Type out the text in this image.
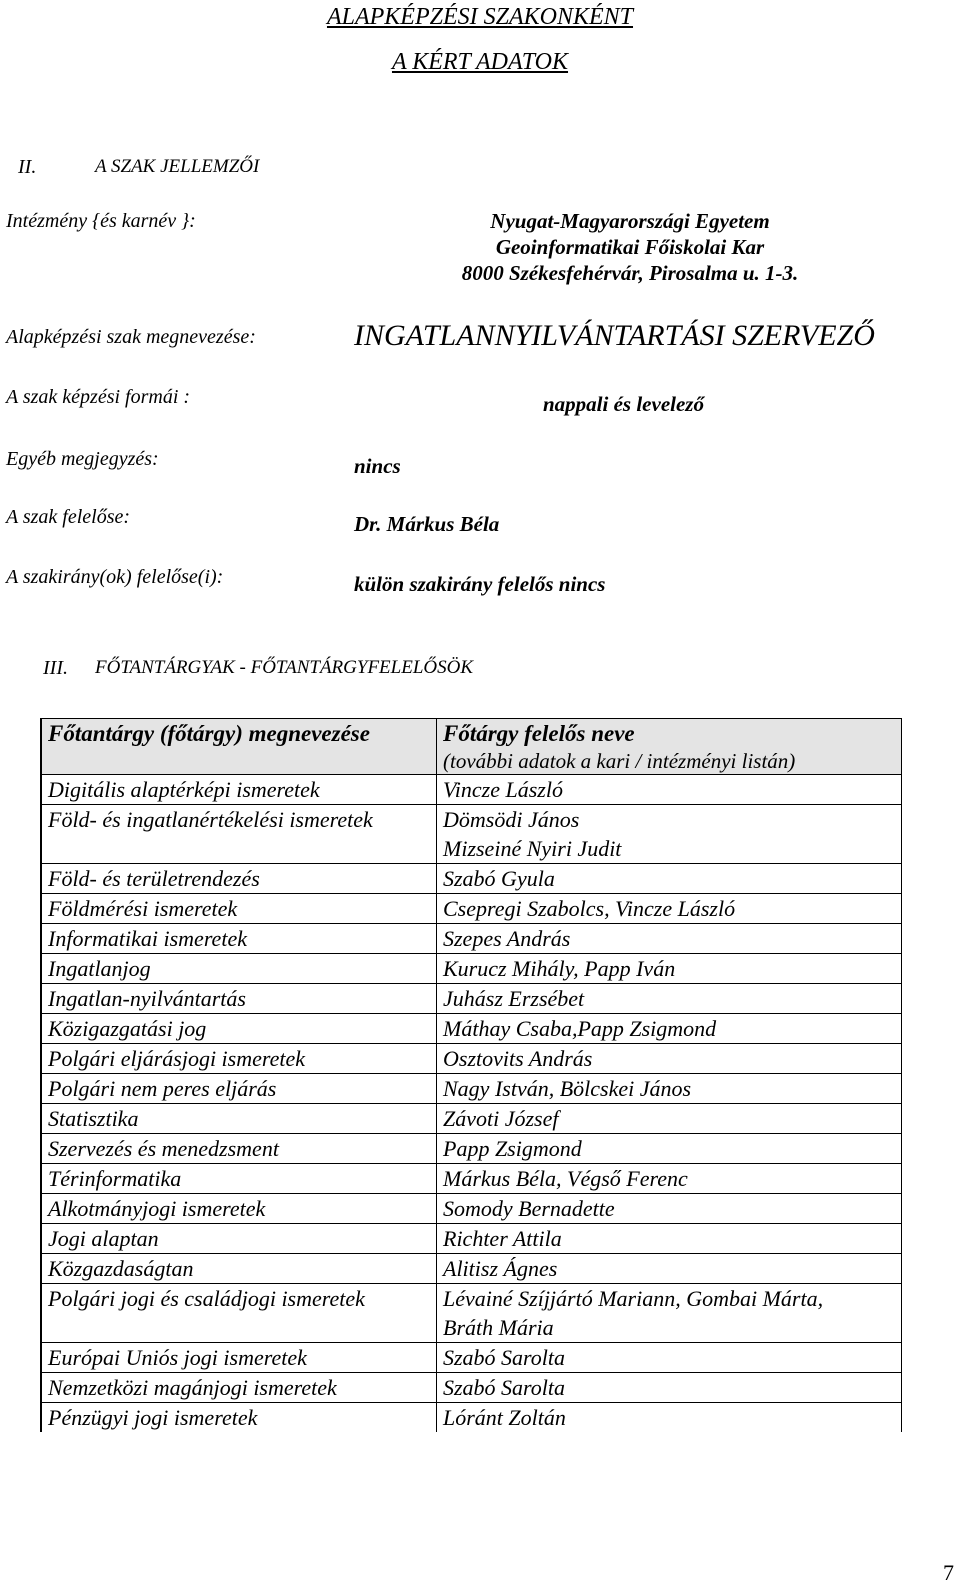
ALAPKÉPZÉSI SZAKONKÉNT
A KÉRT ADATOK
II.	A SZAK JELLEMZŐI
Intézmény {és karnév }:	Nyugat-Magyarországi Egyetem
Geoinformatikai Főiskolai Kar
8000 Székesfehérvár, Pirosalma u. 1-3.
Alapképzési szak megnevezése:	INGATLANNYILVÁNTARTÁSI SZERVEZŐ
A szak képzési formái :	nappali és levelező
Egyéb megjegyzés:	nincs
A szak felelőse:	Dr. Márkus Béla
A szakirány(ok) felelőse(i):	külön szakirány felelős nincs
III. FŐTANTÁRGYAK - FŐTANTÁRGYFELELŐSÖK
Főtantárgy (főtárgy) megnevezése	Főtárgy felelős neve
(további adatok a kari / intézményi listán)

Digitális alaptérképi ismeretek	Vincze László
Föld- és ingatlanértékelési ismeretek	Dömsödi János
Mizseiné Nyiri Judit
Föld- és területrendezés	Szabó Gyula
Földmérési ismeretek	Csepregi Szabolcs, Vincze László
Informatikai ismeretek	Szepes András
Ingatlanjog	Kurucz Mihály, Papp Iván
Ingatlan-nyilvántartás	Juhász Erzsébet
Közigazgatási jog	Máthay Csaba,Papp Zsigmond
Polgári eljárásjogi ismeretek	Osztovits András
Polgári nem peres eljárás	Nagy István, Bölcskei János
Statisztika	Závoti József
Szervezés és menedzsment	Papp Zsigmond
Térinformatika	Márkus Béla, Végső Ferenc
Alkotmányjogi ismeretek	Somody Bernadette
Jogi alaptan	Richter Attila
Közgazdaságtan	Alitisz Ágnes
Polgári jogi és családjogi ismeretek	Lévainé Szíjjártó Mariann, Gombai Márta,
Bráth Mária
Európai Uniós jogi ismeretek	Szabó Sarolta
Nemzetközi magánjogi ismeretek	Szabó Sarolta
Pénzügyi jogi ismeretek	Lóránt Zoltán
7
